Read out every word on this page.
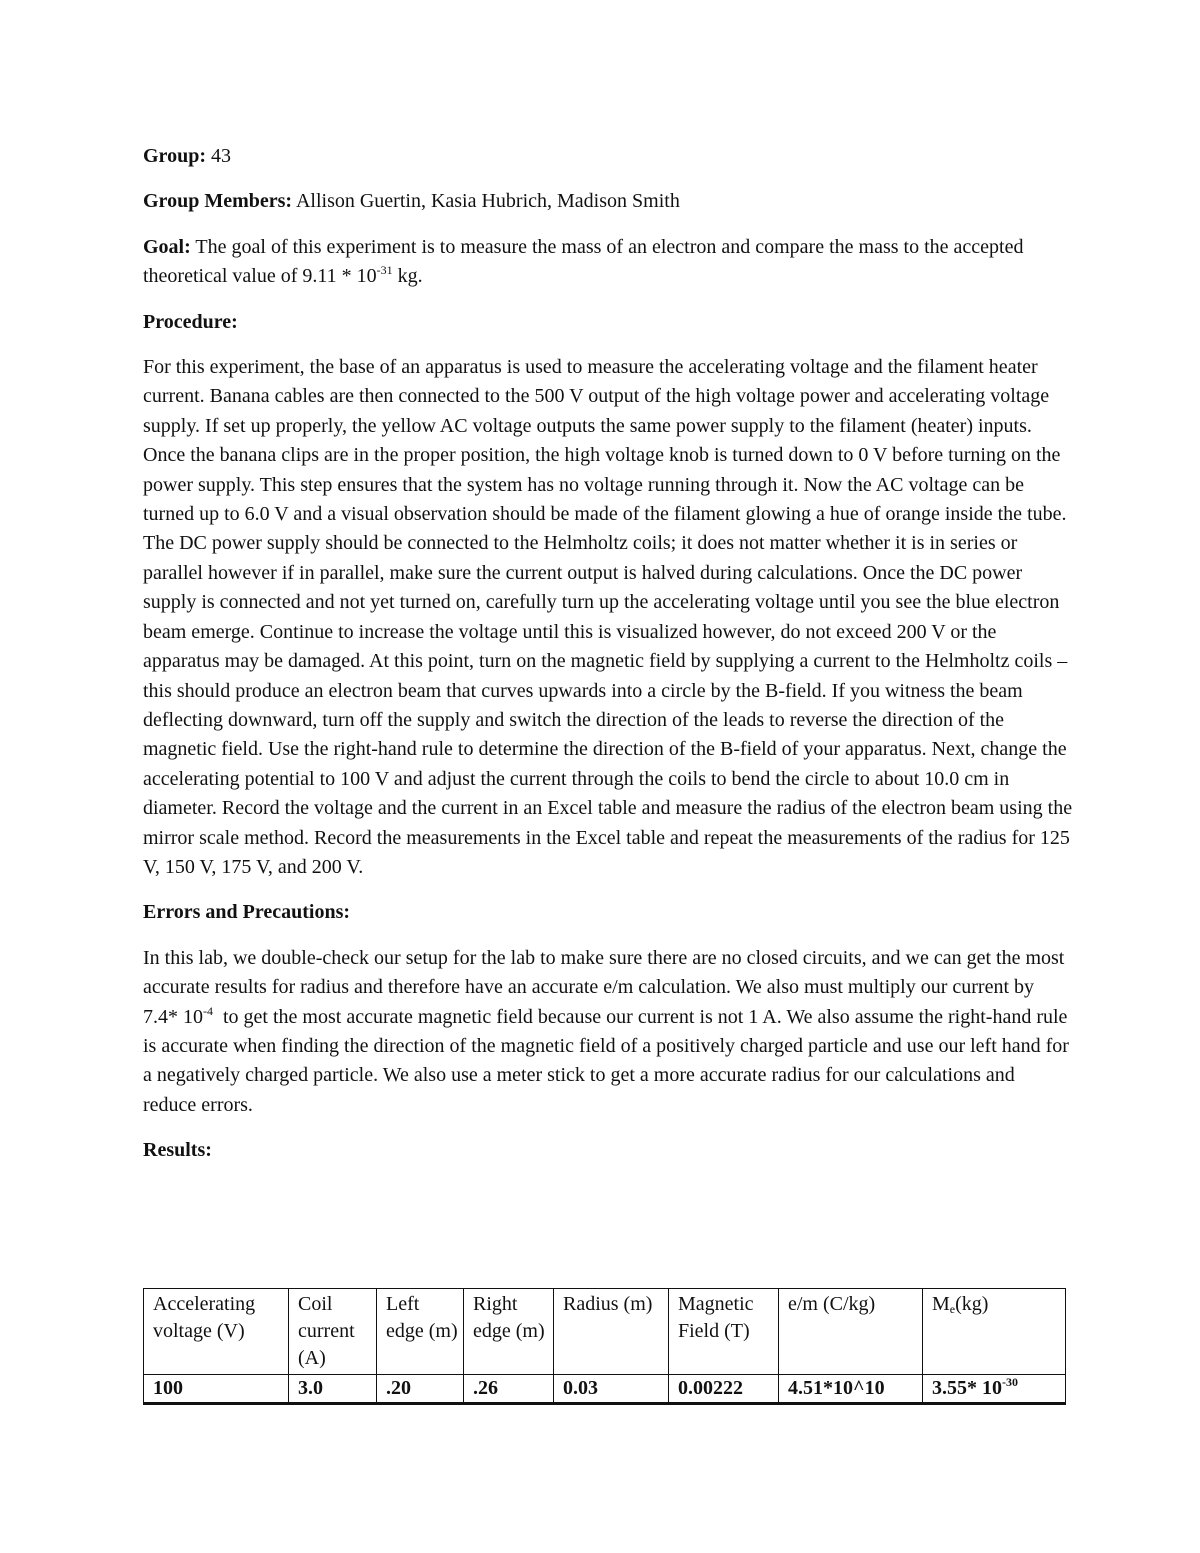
Group: 43

Group Members: Allison Guertin, Kasia Hubrich, Madison Smith

Goal: The goal of this experiment is to measure the mass of an electron and compare the mass to the accepted theoretical value of $9.11 * 10^{-31}$ kg.

Procedure:

For this experiment, the base of an apparatus is used to measure the accelerating voltage and the filament heater current. Banana cables are then connected to the 500 V output of the high voltage power and accelerating voltage supply. If set up properly, the yellow AC voltage outputs the same power supply to the filament (heater) inputs. Once the banana clips are in the proper position, the high voltage knob is turned down to 0 V before turning on the power supply. This step ensures that the system has no voltage running through it. Now the AC voltage can be turned up to 6.0 V and a visual observation should be made of the filament glowing a hue of orange inside the tube. The DC power supply should be connected to the Helmholtz coils; it does not matter whether it is in series or parallel however if in parallel, make sure the current output is halved during calculations. Once the DC power supply is connected and not yet turned on, carefully turn up the accelerating voltage until you see the blue electron beam emerge. Continue to increase the voltage until this is visualized however, do not exceed 200 V or the apparatus may be damaged. At this point, turn on the magnetic field by supplying a current to the Helmholtz coils – this should produce an electron beam that curves upwards into a circle by the B-field. If you witness the beam deflecting downward, turn off the supply and switch the direction of the leads to reverse the direction of the magnetic field. Use the right-hand rule to determine the direction of the B-field of your apparatus. Next, change the accelerating potential to 100 V and adjust the current through the coils to bend the circle to about 10.0 cm in diameter. Record the voltage and the current in an Excel table and measure the radius of the electron beam using the mirror scale method. Record the measurements in the Excel table and repeat the measurements of the radius for 125 V, 150 V, 175 V, and 200 V.

Errors and Precautions:

In this lab, we double-check our setup for the lab to make sure there are no closed circuits, and we can get the most accurate results for radius and therefore have an accurate e/m calculation. We also must multiply our current by 7.4* $10^{-4}$  to get the most accurate magnetic field because our current is not 1 A. We also assume the right-hand rule is accurate when finding the direction of the magnetic field of a positively charged particle and use our left hand for a negatively charged particle. We also use a meter stick to get a more accurate radius for our calculations and reduce errors.

Results:

Accelerating voltage (V)	Coil current (A)	Left edge (m)	Right edge (m)	Radius (m)	Magnetic Field (T)	e/m (C/kg)	$M_e(kg)$
100	3.0	.20	.26	0.03	0.00222	4.51*10^10	3.55* $10^{-30}$
